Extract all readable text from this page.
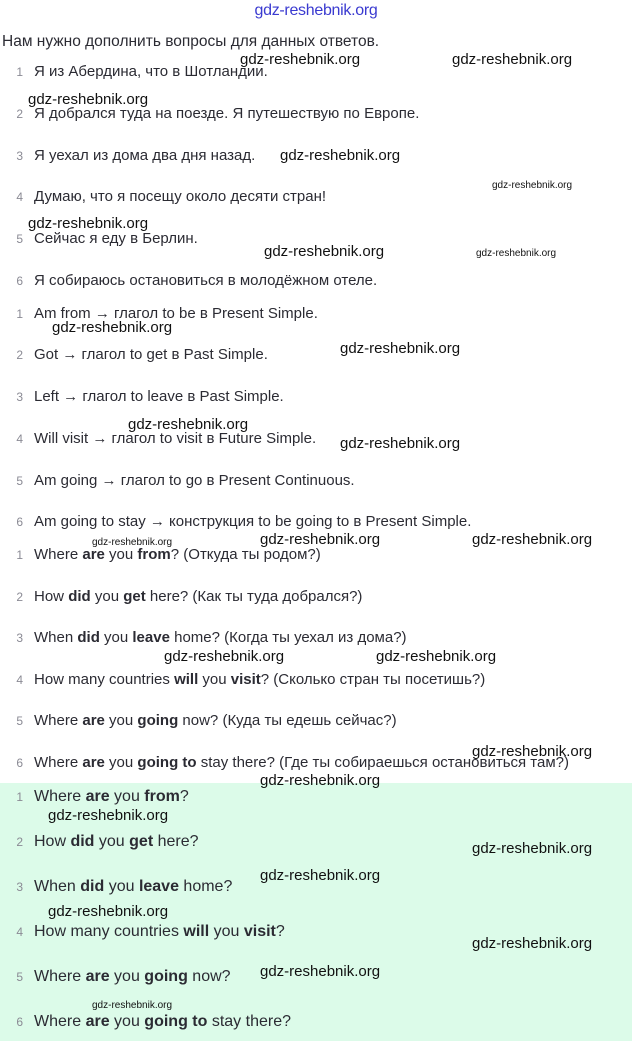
gdz-reshebnik.org
Нам нужно дополнить вопросы для данных ответов.
1 Я из Абердина, что в Шотландии.
2 Я добрался туда на поезде. Я путешествую по Европе.
3 Я уехал из дома два дня назад.
4 Думаю, что я посещу около десяти стран!
5 Сейчас я еду в Берлин.
6 Я собираюсь остановиться в молодёжном отеле.
1 Am from → глагол to be в Present Simple.
2 Got → глагол to get в Past Simple.
3 Left → глагол to leave в Past Simple.
4 Will visit → глагол to visit в Future Simple.
5 Am going → глагол to go в Present Continuous.
6 Am going to stay → конструкция to be going to в Present Simple.
1 Where are you from? (Откуда ты родом?)
2 How did you get here? (Как ты туда добрался?)
3 When did you leave home? (Когда ты уехал из дома?)
4 How many countries will you visit? (Сколько стран ты посетишь?)
5 Where are you going now? (Куда ты едешь сейчас?)
6 Where are you going to stay there? (Где ты собираешься остановиться там?)
1 Where are you from?
2 How did you get here?
3 When did you leave home?
4 How many countries will you visit?
5 Where are you going now?
6 Where are you going to stay there?
gdz-reshebnik.org	gdz-reshebnik.org
gdz-reshebnik.org
gdz-reshebnik.org
gdz-reshebnik.org
gdz-reshebnik.org
gdz-reshebnik.org
gdz-reshebnik.org
gdz-reshebnik.org
gdz-reshebnik.org
gdz-reshebnik.org	gdz-reshebnik.org
gdz-reshebnik.org	gdz-reshebnik.org
gdz-reshebnik.org
gdz-reshebnik.org
gdz-reshebnik.org
gdz-reshebnik.org
gdz-reshebnik.org
gdz-reshebnik.org
gdz-reshebnik.org
gdz-reshebnik.org
gdz-reshebnik.org
gdz-reshebnik.org
gdz-reshebnik.org
gdz-reshebnik.org
